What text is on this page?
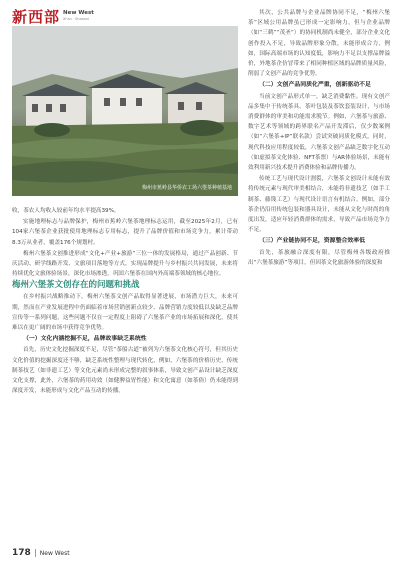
新西部 New West
Xi'an · Shaanxi
梅州市蕉岭县华侨农工场六堡茶种植基地

收，茶农人均收入较前年均水平提高39%。

实施地理标志与品牌保护，梅州市蕉岭六堡茶地理标志运用，截至2025年2月，已有104家六堡茶企业获批使用地理标志专用标志，提升了品牌价值和市场竞争力，累计带动8.3万从业者，覆盖176个规划村。

梅州六堡茶文创推进形成“文化+产业+旅游”三位一体的发展格局，通过产品创新、节庆活动、研学线路开发、文旅项目落地等方式，实现品牌提升与乡村振兴共同发展，未来将持续优化文旅体验场景，深化市场渗透，巩固六堡茶在国内外高端茶领域的核心地位。

梅州六堡茶文创存在的问题和挑战

在乡村振兴战略推动下，梅州六堡茶文创产品取得显著进展，市场潜力巨大，未来可期，然而在产业发展进程中仍面临着市场营销创新点较少、品牌营销力度较低以及缺乏品牌宣传等一系列问题，这些问题不仅在一定程度上阻碍了六堡茶产业的市场拓展和深化，使其难以在更广阔的市场中获得竞争优势。

（一）文化内涵挖掘不足，品牌故事缺乏系统性

首先，历史文化挖掘深度不足，尽管“茶船古道”被列为六堡茶文化核心符号，但其历史文化价值的挖掘深度还不够，缺乏系统性整理与现代转化，例如，六堡茶的价格历史、传统制茶技艺（如非遗工艺）等文化元素尚未形成完整的叙事体系，导致文创产品设计缺乏深度文化支撑，此外，六堡茶的药用功效（如健脾益胃性能）和文化寓意（如茶俗）仍未能得到深度开发，未能形成与文化产品互动的传播。

其次，公共品牌与企业品牌协同不足，“梅州六堡茶”区域公用品牌虽已形成一定影响力，但与企业品牌（如“三鹤”“茂圣”）的协同机制尚未健全，部分企业文化创作投入不足，导致品牌形象分散，未能形成合力，例如，国际高端市场的认知度低，影响力不足以支撑品牌溢价，外地茶企仿冒带来了相同种植区域的品牌质量风险，削弱了文创产品的竞争优势。

（二）文创产品同质化严重，创新驱动不足

当前文创产品形式单一，缺乏消费黏性。现有文创产品多集中于传统茶具、茶叶包装及茶饮套装设计，与市场消费群体的审美和功能需求脱节。例如，六堡茶与旅游、数字艺术等领域的跨界联名产品开发滞后，仅少数案例（如“六堡茶+IP”联名款）尝试突破同质化模式，同时，现代科技应用程度较低，六堡茶文创产品缺乏数字化互动（如虚拟茶文化体验、NFT茶票）与AR体验场景，未能有效利用新兴技术提升消费体验和品牌传播力。

传统工艺与现代设计割裂，六堡茶文创设计未能有效将传统元素与现代审美相结合，未能将非遗技艺（如手工制茶、藤篾工艺）与现代设计语言有机结合。例如，部分茶企仍沿用传统包装和器具设计，未能从文化与时尚的角度出发，适应年轻消费群体的需求，导致产品市场竞争力不足。

（三）产业链协同不足，资源整合效率低

首先，茶旅融合深度有限，尽管梅州各级政府推出“六堡茶旅游”等项目，但因茶文化旅游体验的深度和

178 New West
